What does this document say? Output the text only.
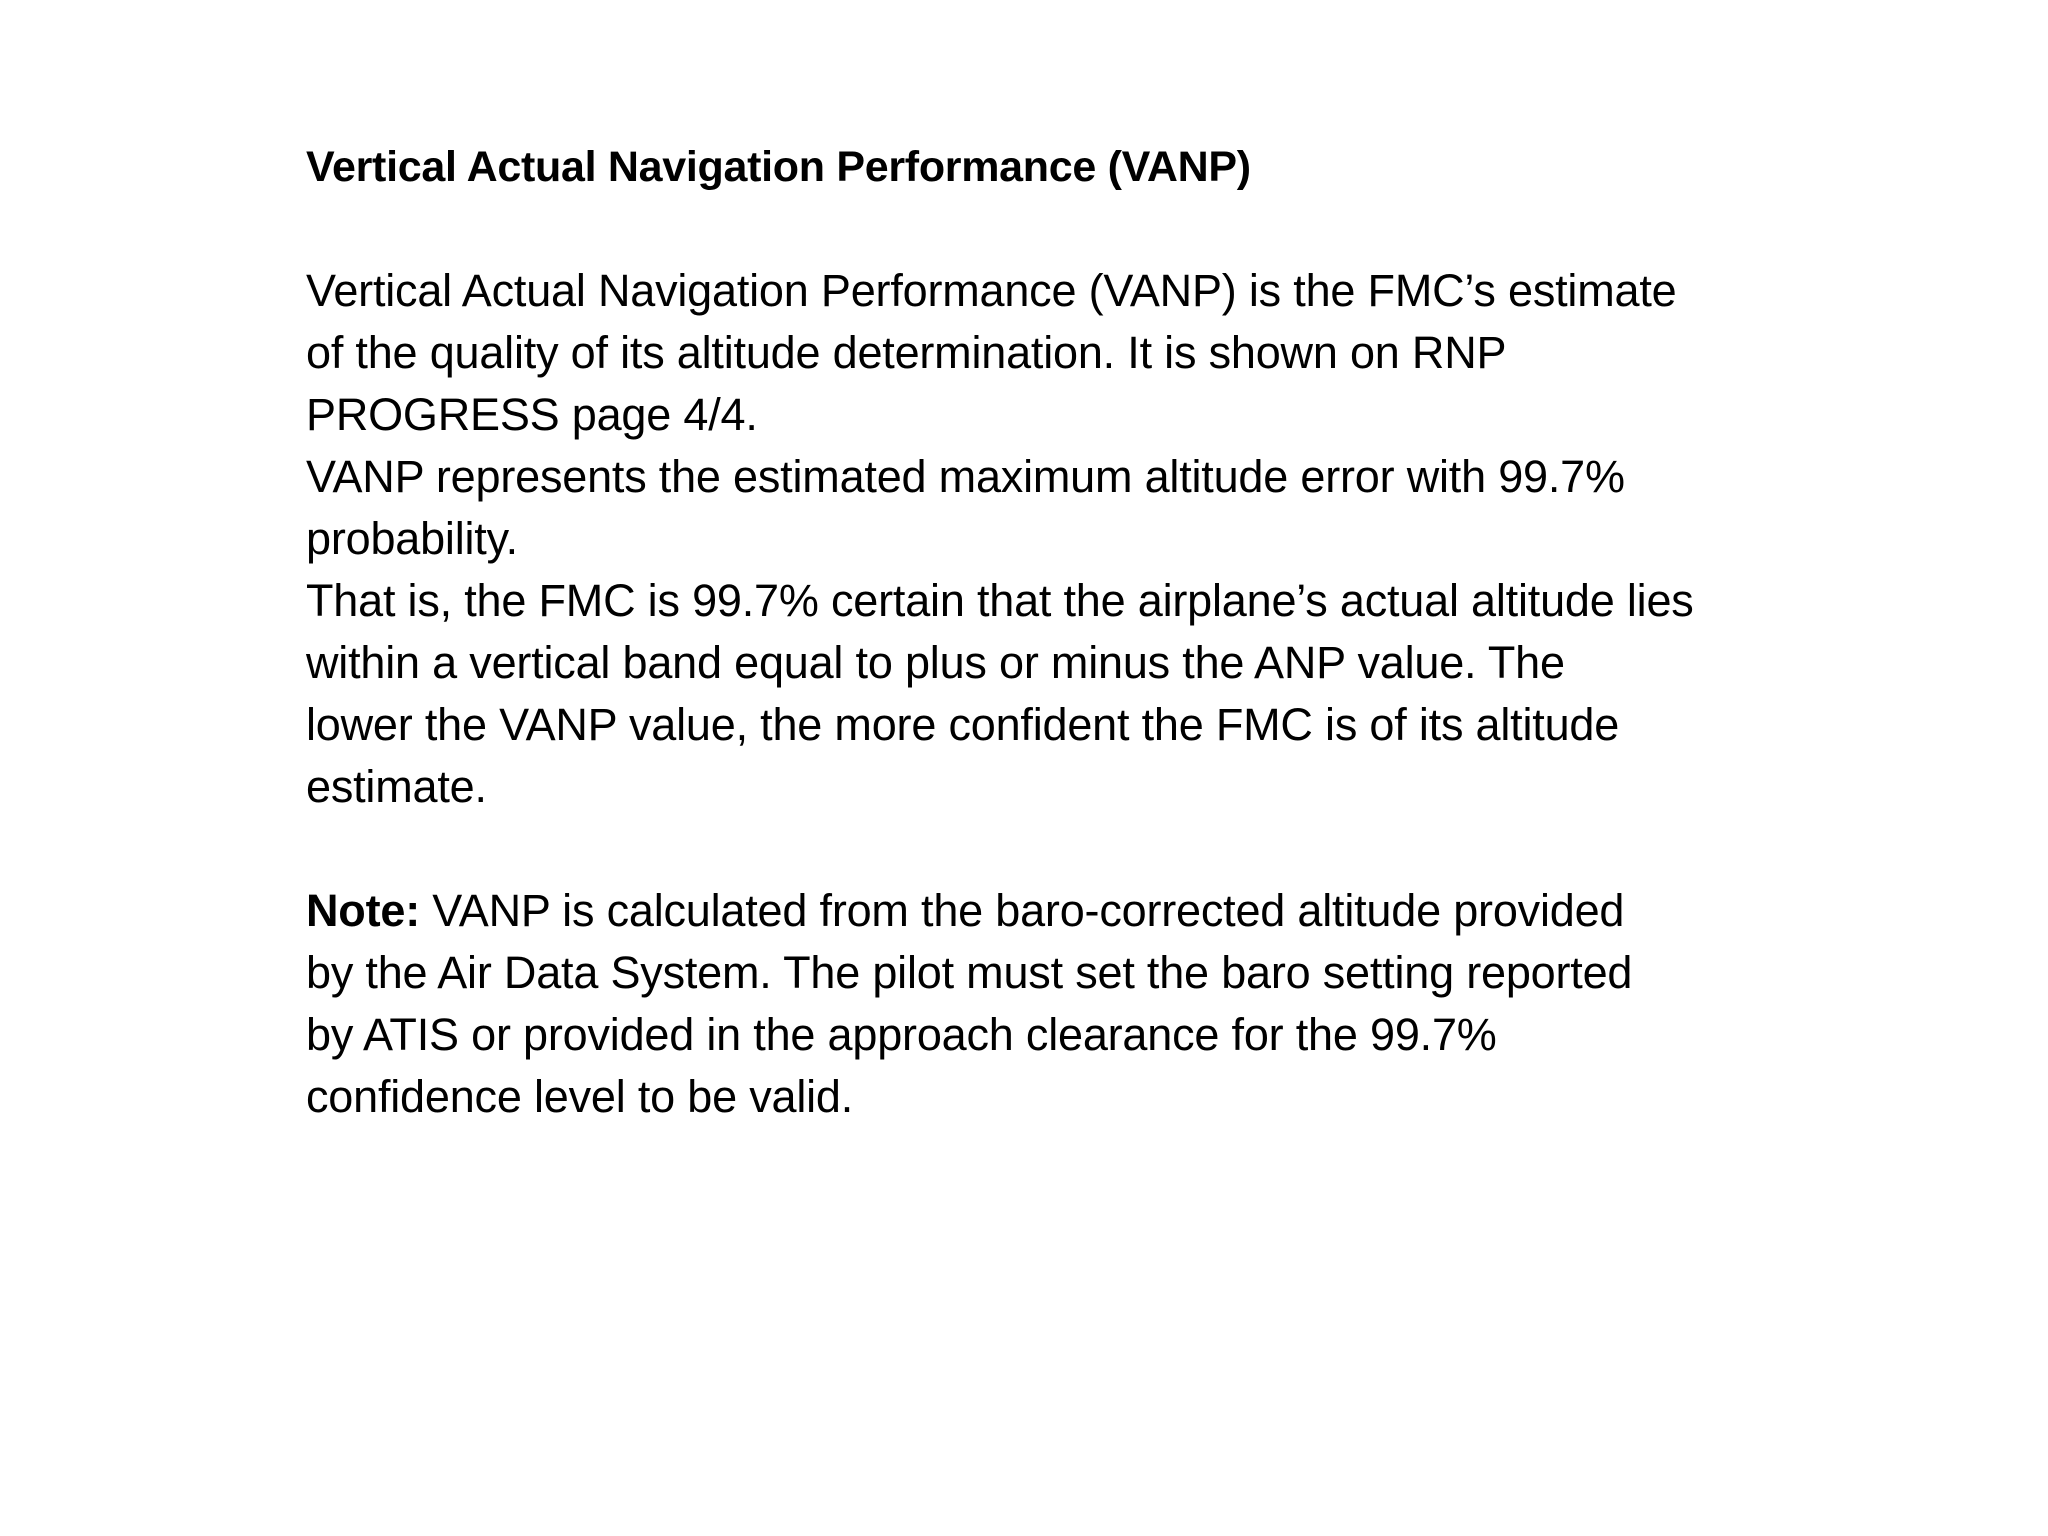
Vertical Actual Navigation Performance (VANP)
Vertical Actual Navigation Performance (VANP) is the FMC’s estimate
of the quality of its altitude determination. It is shown on RNP
PROGRESS page 4/4.
VANP represents the estimated maximum altitude error with 99.7%
probability.
That is, the FMC is 99.7% certain that the airplane’s actual altitude lies
within a vertical band equal to plus or minus the ANP value. The
lower the VANP value, the more confident the FMC is of its altitude
estimate.
Note: VANP is calculated from the baro-corrected altitude provided
by the Air Data System. The pilot must set the baro setting reported
by ATIS or provided in the approach clearance for the 99.7%
confidence level to be valid.
